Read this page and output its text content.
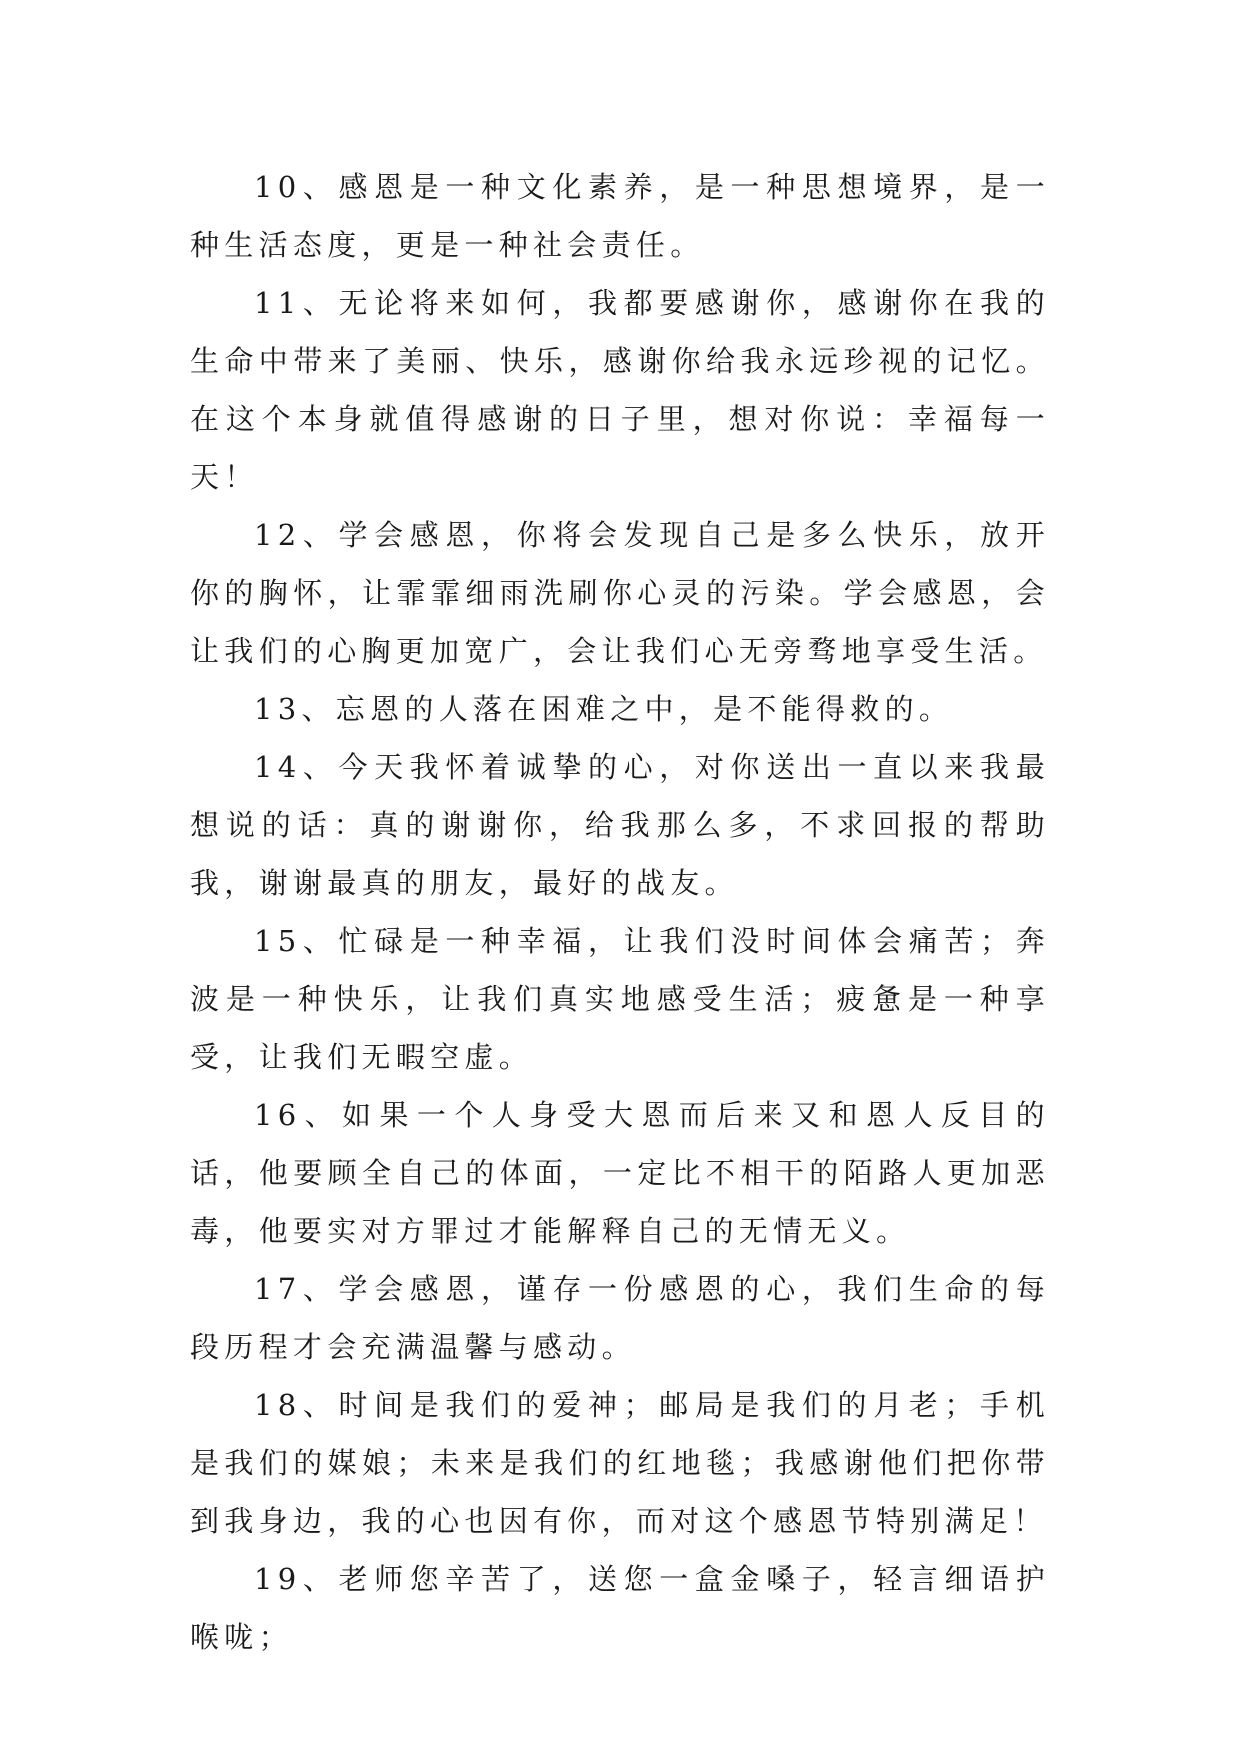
10、感恩是一种文化素养，是一种思想境界，是一种生活态度，更是一种社会责任。

11、无论将来如何，我都要感谢你，感谢你在我的生命中带来了美丽、快乐，感谢你给我永远珍视的记忆。在这个本身就值得感谢的日子里，想对你说：幸福每一天！

12、学会感恩，你将会发现自己是多么快乐，放开你的胸怀，让霏霏细雨洗刷你心灵的污染。学会感恩，会让我们的心胸更加宽广，会让我们心无旁骛地享受生活。

13、忘恩的人落在困难之中，是不能得救的。

14、今天我怀着诚挚的心，对你送出一直以来我最想说的话：真的谢谢你，给我那么多，不求回报的帮助我，谢谢最真的朋友，最好的战友。

15、忙碌是一种幸福，让我们没时间体会痛苦；奔波是一种快乐，让我们真实地感受生活；疲惫是一种享受，让我们无暇空虚。

16、如果一个人身受大恩而后来又和恩人反目的话，他要顾全自己的体面，一定比不相干的陌路人更加恶毒，他要实对方罪过才能解释自己的无情无义。

17、学会感恩，谨存一份感恩的心，我们生命的每段历程才会充满温馨与感动。

18、时间是我们的爱神；邮局是我们的月老；手机是我们的媒娘；未来是我们的红地毯；我感谢他们把你带到我身边，我的心也因有你，而对这个感恩节特别满足！

19、老师您辛苦了，送您一盒金嗓子，轻言细语护喉咙；
